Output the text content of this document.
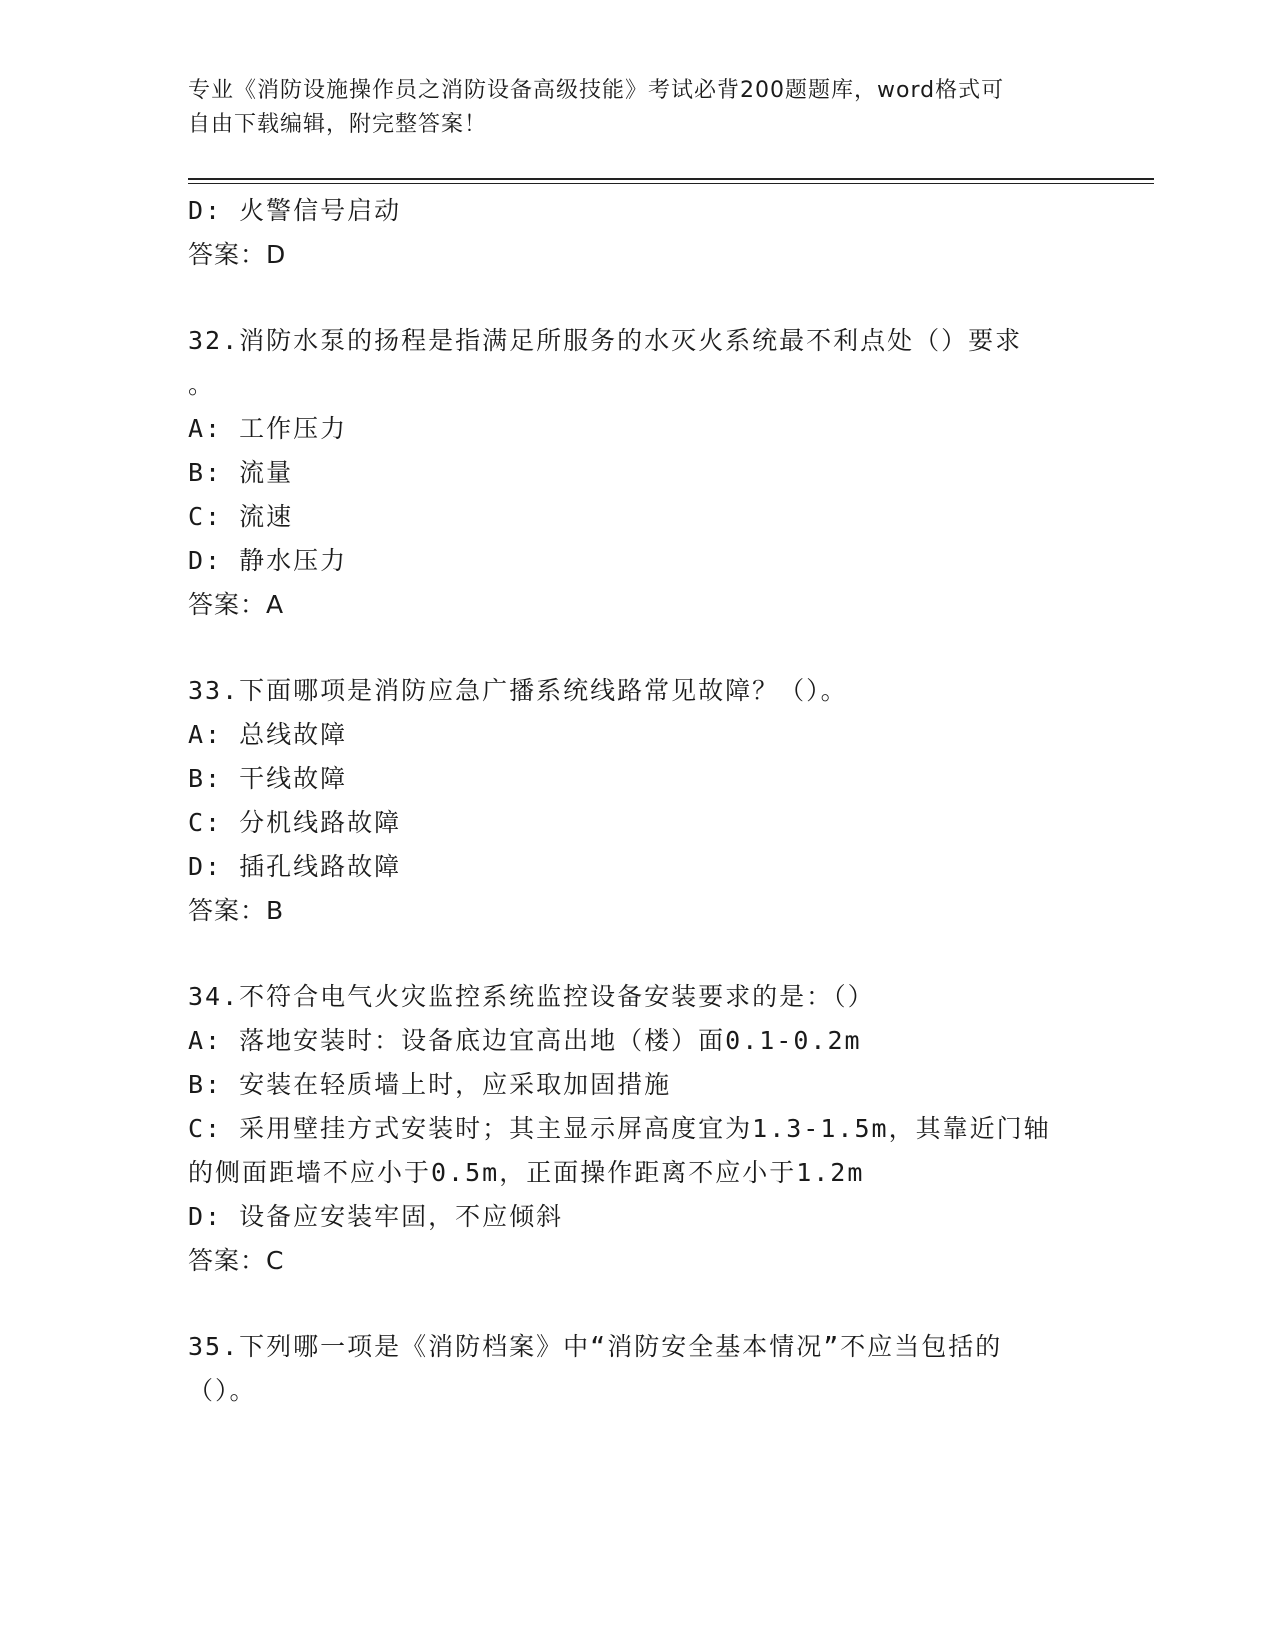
专业《消防设施操作员之消防设备高级技能》考试必背200题题库，word格式可
自由下载编辑，附完整答案！
D: 火警信号启动
答案：D
32.消防水泵的扬程是指满足所服务的水灭火系统最不利点处（）要求
。
A: 工作压力
B: 流量
C: 流速
D: 静水压力
答案：A
33.下面哪项是消防应急广播系统线路常见故障？（）。
A: 总线故障
B: 干线故障
C: 分机线路故障
D: 插孔线路故障
答案：B
34.不符合电气火灾监控系统监控设备安装要求的是：（）
A: 落地安装时：设备底边宜高出地（楼）面0.1-0.2m
B: 安装在轻质墙上时，应采取加固措施
C: 采用壁挂方式安装时；其主显示屏高度宜为1.3-1.5m，其靠近门轴
的侧面距墙不应小于0.5m，正面操作距离不应小于1.2m
D: 设备应安装牢固，不应倾斜
答案：C
35.下列哪一项是《消防档案》中“消防安全基本情况”不应当包括的
（）。
